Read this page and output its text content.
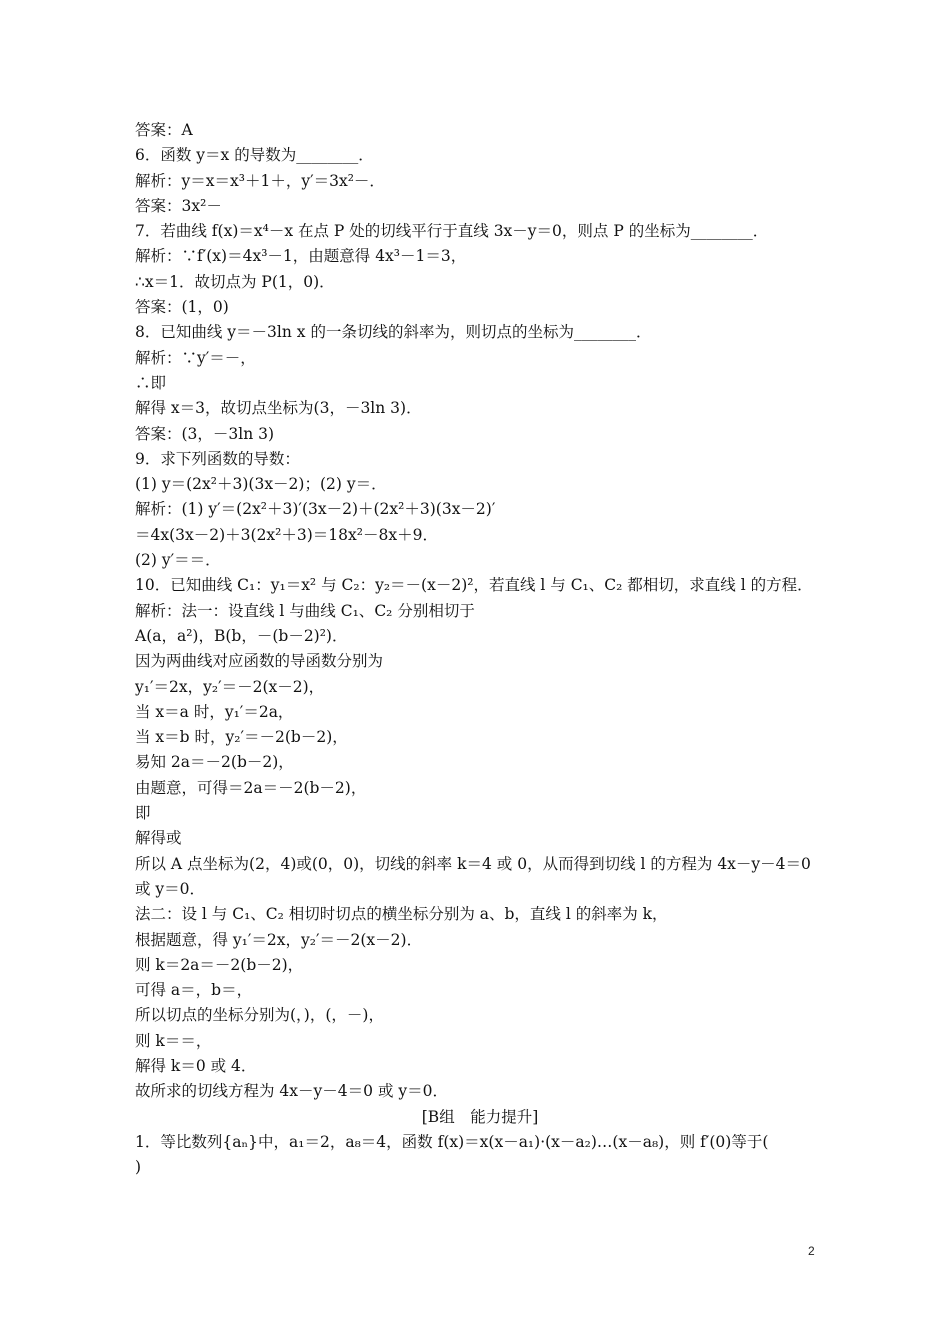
答案：A
6．函数 y＝x 的导数为________．
解析：y＝x＝x³＋1＋，y′＝3x²－．
答案：3x²－
7．若曲线 f(x)＝x⁴－x 在点 P 处的切线平行于直线 3x－y＝0，则点 P 的坐标为________．
解析：∵f′(x)＝4x³－1，由题意得 4x³－1＝3，
∴x＝1．故切点为 P(1，0)．
答案：(1，0)
8．已知曲线 y＝－3ln x 的一条切线的斜率为，则切点的坐标为________．
解析：∵y′＝－，
∴即
解得 x＝3，故切点坐标为(3，－3ln 3)．
答案：(3，－3ln 3)
9．求下列函数的导数：
(1) y＝(2x²＋3)(3x－2)；(2) y＝．
解析：(1) y′＝(2x²＋3)′(3x－2)＋(2x²＋3)(3x－2)′
＝4x(3x－2)＋3(2x²＋3)＝18x²－8x＋9．
(2) y′＝＝．
10．已知曲线 C₁：y₁＝x² 与 C₂：y₂＝－(x－2)²，若直线 l 与 C₁、C₂ 都相切，求直线 l 的方程．
解析：法一：设直线 l 与曲线 C₁、C₂ 分别相切于
A(a，a²)，B(b，－(b－2)²)．
因为两曲线对应函数的导函数分别为
y₁′＝2x，y₂′＝－2(x－2)，
当 x＝a 时，y₁′＝2a，
当 x＝b 时，y₂′＝－2(b－2)，
易知 2a＝－2(b－2)，
由题意，可得＝2a＝－2(b－2)，
即
解得或
所以 A 点坐标为(2，4)或(0，0)，切线的斜率 k＝4 或 0，从而得到切线 l 的方程为 4x－y－4＝0
或 y＝0．
法二：设 l 与 C₁、C₂ 相切时切点的横坐标分别为 a、b，直线 l 的斜率为 k，
根据题意，得 y₁′＝2x，y₂′＝－2(x－2)．
则 k＝2a＝－2(b－2)，
可得 a＝，b＝，
所以切点的坐标分别为(，)，(，－)，
则 k＝＝，
解得 k＝0 或 4．
故所求的切线方程为 4x－y－4＝0 或 y＝0．
[B组　能力提升]
1．等比数列{aₙ}中，a₁＝2，a₈＝4，函数 f(x)＝x(x－a₁)·(x－a₂)…(x－a₈)，则 f′(0)等于(
)
2
